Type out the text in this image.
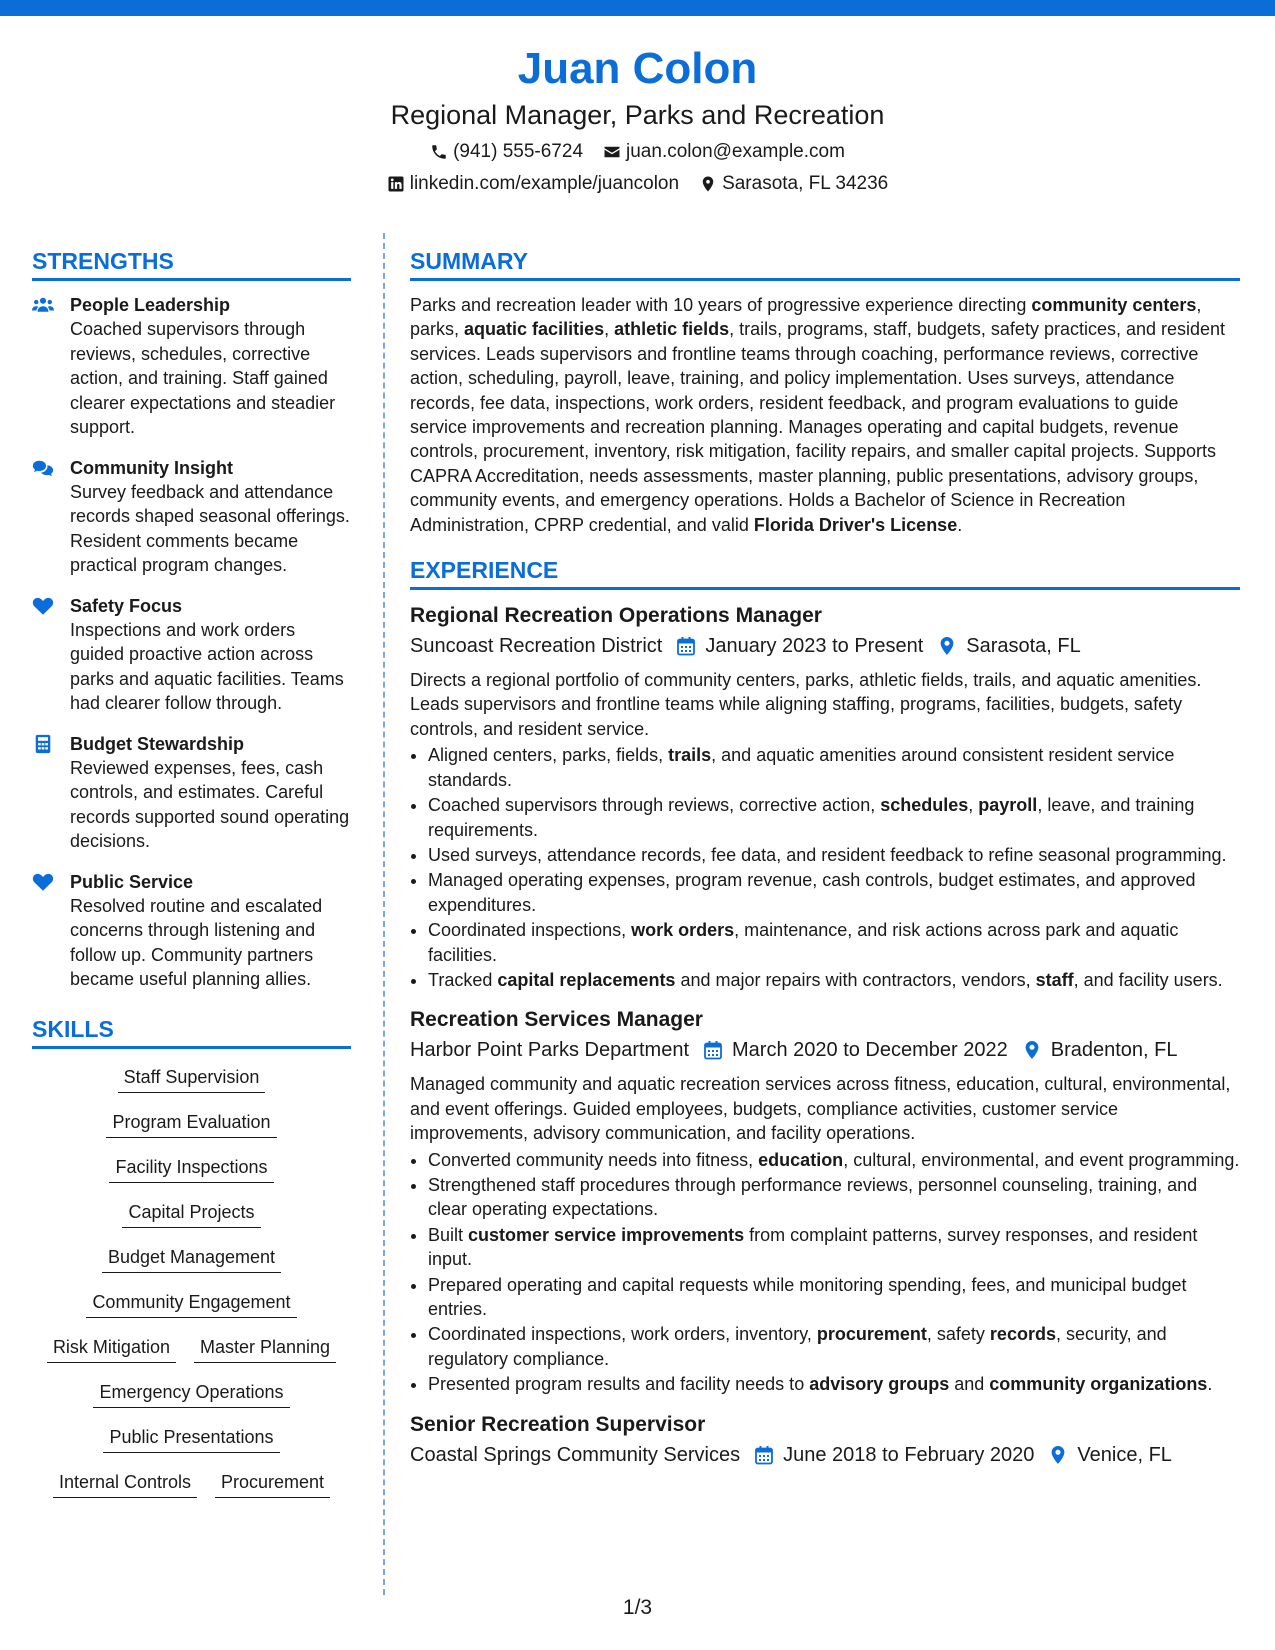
Juan Colon
Regional Manager, Parks and Recreation
(941) 555-6724 juan.colon@example.com
linkedin.com/example/juancolon Sarasota, FL 34236
STRENGTHS
People Leadership
Coached supervisors through reviews, schedules, corrective action, and training. Staff gained clearer expectations and steadier support.
Community Insight
Survey feedback and attendance records shaped seasonal offerings. Resident comments became practical program changes.
Safety Focus
Inspections and work orders guided proactive action across parks and aquatic facilities. Teams had clearer follow through.
Budget Stewardship
Reviewed expenses, fees, cash controls, and estimates. Careful records supported sound operating decisions.
Public Service
Resolved routine and escalated concerns through listening and follow up. Community partners became useful planning allies.
SKILLS
Staff Supervision
Program Evaluation
Facility Inspections
Capital Projects
Budget Management
Community Engagement
Risk Mitigation	Master Planning
Emergency Operations
Public Presentations
Internal Controls	Procurement
SUMMARY
Parks and recreation leader with 10 years of progressive experience directing community centers, parks, aquatic facilities, athletic fields, trails, programs, staff, budgets, safety practices, and resident services. Leads supervisors and frontline teams through coaching, performance reviews, corrective action, scheduling, payroll, leave, training, and policy implementation. Uses surveys, attendance records, fee data, inspections, work orders, resident feedback, and program evaluations to guide service improvements and recreation planning. Manages operating and capital budgets, revenue controls, procurement, inventory, risk mitigation, facility repairs, and smaller capital projects. Supports CAPRA Accreditation, needs assessments, master planning, public presentations, advisory groups, community events, and emergency operations. Holds a Bachelor of Science in Recreation Administration, CPRP credential, and valid Florida Driver's License.
EXPERIENCE
Regional Recreation Operations Manager
Suncoast Recreation District January 2023 to Present Sarasota, FL
Directs a regional portfolio of community centers, parks, athletic fields, trails, and aquatic amenities. Leads supervisors and frontline teams while aligning staffing, programs, facilities, budgets, safety controls, and resident service.
• Aligned centers, parks, fields, trails, and aquatic amenities around consistent resident service standards.
• Coached supervisors through reviews, corrective action, schedules, payroll, leave, and training requirements.
• Used surveys, attendance records, fee data, and resident feedback to refine seasonal programming.
• Managed operating expenses, program revenue, cash controls, budget estimates, and approved expenditures.
• Coordinated inspections, work orders, maintenance, and risk actions across park and aquatic facilities.
• Tracked capital replacements and major repairs with contractors, vendors, staff, and facility users.
Recreation Services Manager
Harbor Point Parks Department March 2020 to December 2022 Bradenton, FL
Managed community and aquatic recreation services across fitness, education, cultural, environmental, and event offerings. Guided employees, budgets, compliance activities, customer service improvements, advisory communication, and facility operations.
• Converted community needs into fitness, education, cultural, environmental, and event programming.
• Strengthened staff procedures through performance reviews, personnel counseling, training, and clear operating expectations.
• Built customer service improvements from complaint patterns, survey responses, and resident input.
• Prepared operating and capital requests while monitoring spending, fees, and municipal budget entries.
• Coordinated inspections, work orders, inventory, procurement, safety records, security, and regulatory compliance.
• Presented program results and facility needs to advisory groups and community organizations.
Senior Recreation Supervisor
Coastal Springs Community Services June 2018 to February 2020 Venice, FL
1/3
